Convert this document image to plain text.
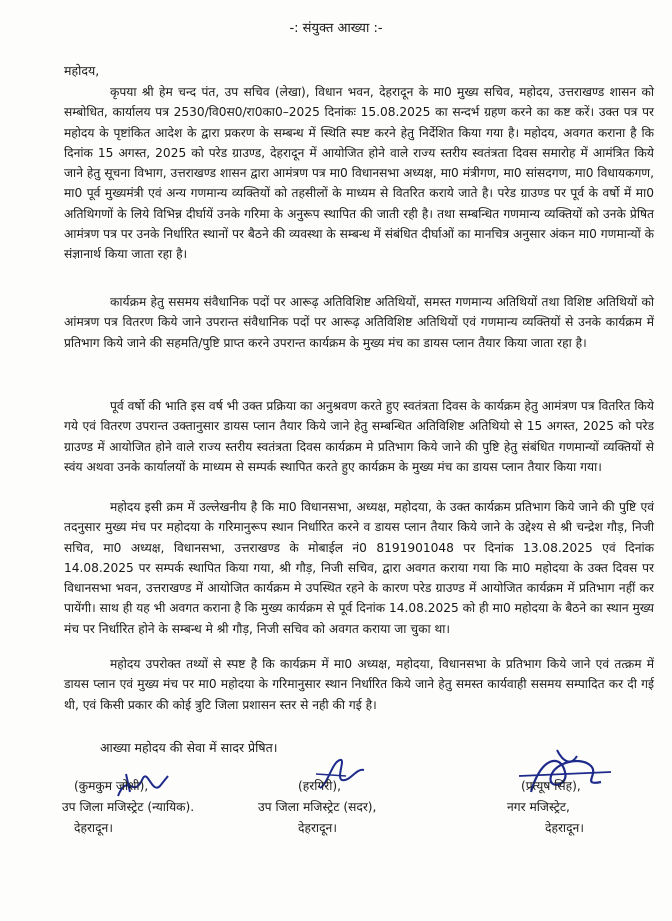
-: संयुक्त आख्या :-
महोदय,
कृपया श्री हेम चन्द पंत, उप सचिव (लेखा), विधान भवन, देहरादून के मा0 मुख्य सचिव, महोदय, उत्तराखण्ड शासन को सम्बोधित, कार्यालय पत्र 2530/वि0स0/रा0का0–2025 दिनांकः 15.08.2025 का सन्दर्भ ग्रहण करने का कष्ट करें। उक्त पत्र पर महोदय के पृष्टांकित आदेश के द्वारा प्रकरण के सम्बन्ध में स्थिति स्पष्ट करने हेतु निर्देशित किया गया है। महोदय, अवगत कराना है कि दिनांक 15 अगस्त, 2025 को परेड ग्राउण्ड, देहरादून में आयोजित होने वाले राज्य स्तरीय स्वतंत्रता दिवस समारोह में आमंत्रित किये जाने हेतु सूचना विभाग, उत्तराखण्ड शासन द्वारा आमंत्रण पत्र मा0 विधानसभा अध्यक्ष, मा0 मंत्रीगण, मा0 सांसदगण, मा0 विधायकगण, मा0 पूर्व मुख्यमंत्री एवं अन्य गणमान्य व्यक्तियों को तहसीलों के माध्यम से वितरित कराये जाते है। परेड ग्राउण्ड पर पूर्व के वर्षो में मा0 अतिथिगणों के लिये विभिन्न दीर्घायें उनके गरिमा के अनुरूप स्थापित की जाती रही है। तथा सम्बन्धित गणमान्य व्यक्तियों को उनके प्रेषित आमंत्रण पत्र पर उनके निर्धारित स्थानों पर बैठने की व्यवस्था के सम्बन्ध में संबंधित दीर्घाओं का मानचित्र अनुसार अंकन मा0 गणमान्यों के संज्ञानार्थ किया जाता रहा है।
कार्यक्रम हेतु ससमय संवैधानिक पदों पर आरूढ़ अतिविशिष्ट अतिथियों, समस्त गणमान्य अतिथियों तथा विशिष्ट अतिथियों को आंमत्रण पत्र वितरण किये जाने उपरान्त संवैधानिक पदों पर आरूढ़ अतिविशिष्ट अतिथियों एवं गणमान्य व्यक्तियों से उनके कार्यक्रम में प्रतिभाग किये जाने की सहमति/पुष्टि प्राप्त करने उपरान्त कार्यक्रम के मुख्य मंच का डायस प्लान तैयार किया जाता रहा है।
पूर्व वर्षो की भाति इस वर्ष भी उक्त प्रक्रिया का अनुश्रवण करते हुए स्वतंत्रता दिवस के कार्यक्रम हेतु आमंत्रण पत्र वितरित किये गये एवं वितरण उपरान्त उक्तानुसार डायस प्लान तैयार किये जाने हेतु सम्बन्धित अतिविशिष्ट अतिथियो से 15 अगस्त, 2025 को परेड ग्राउण्ड में आयोजित होने वाले राज्य स्तरीय स्वतंत्रता दिवस कार्यक्रम मे प्रतिभाग किये जाने की पुष्टि हेतु संबंधित गणमान्यों व्यक्तियों से स्वंय अथवा उनके कार्यालयों के माध्यम से सम्पर्क स्थापित करते हुए कार्यक्रम के मुख्य मंच का डायस प्लान तैयार किया गया।
महोदय इसी क्रम में उल्लेखनीय है कि मा0 विधानसभा, अध्यक्ष, महोदया, के उक्त कार्यक्रम प्रतिभाग किये जाने की पुष्टि एवं तदनुसार मुख्य मंच पर महोदया के गरिमानुरूप स्थान निर्धारित करने व डायस प्लान तैयार किये जाने के उद्देश्य से श्री चन्द्रेश गौड़, निजी सचिव, मा0 अध्यक्ष, विधानसभा, उत्तराखण्ड के मोबाईल नं0 8191901048 पर दिनांक 13.08.2025 एवं दिनांक 14.08.2025 पर सम्पर्क स्थापित किया गया, श्री गौड़, निजी सचिव, द्वारा अवगत कराया गया कि मा0 महोदया के उक्त दिवस पर विधानसभा भवन, उत्तराखण्ड में आयोजित कार्यक्रम मे उपस्थित रहने के कारण परेड ग्राउण्ड में आयोजित कार्यक्रम में प्रतिभाग नहीं कर पायेंगी। साथ ही यह भी अवगत कराना है कि मुख्य कार्यक्रम से पूर्व दिनांक 14.08.2025 को ही मा0 महोदया के बैठने का स्थान मुख्य मंच पर निर्धारित होने के सम्बन्ध मे श्री गौड़, निजी सचिव को अवगत कराया जा चुका था।
महोदय उपरोक्त तथ्यों से स्पष्ट है कि कार्यक्रम में मा0 अध्यक्ष, महोदया, विधानसभा के प्रतिभाग किये जाने एवं तत्क्रम में डायस प्लान एवं मुख्य मंच पर मा0 महोदया के गरिमानुसार स्थान निर्धारित किये जाने हेतु समस्त कार्यवाही ससमय सम्पादित कर दी गई थी, एवं किसी प्रकार की कोई त्रुटि जिला प्रशासन स्तर से नही की गई है।
आख्या महोदय की सेवा में सादर प्रेषित।
(कुमकुम जोशी),
उप जिला मजिस्ट्रेट (न्यायिक).
देहरादून।
(हरगिरी),
उप जिला मजिस्ट्रेट (सदर),
देहरादून।
(प्रत्यूष सिंह),
नगर मजिस्ट्रेट,
देहरादून।
